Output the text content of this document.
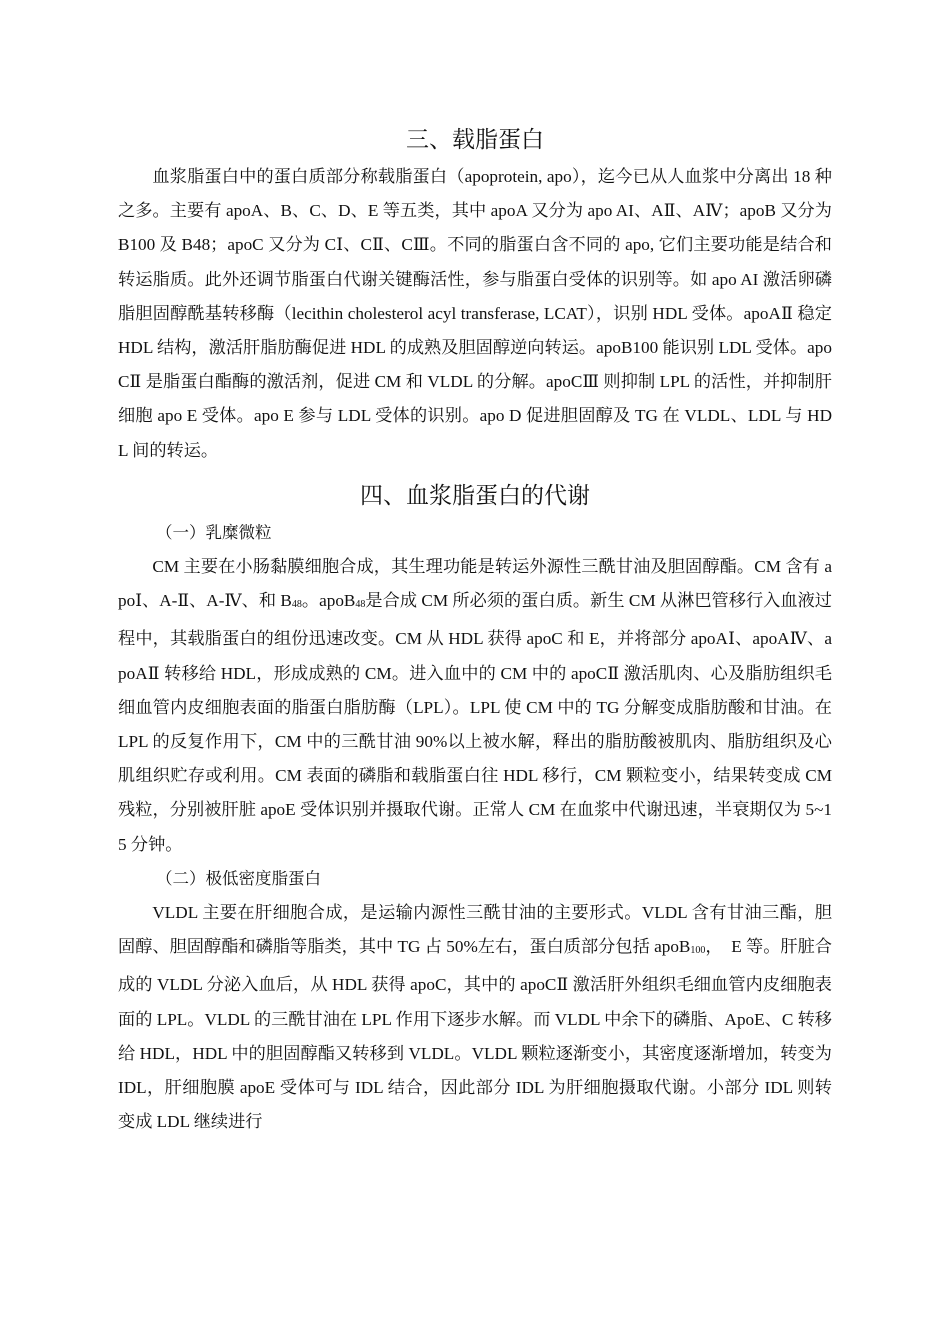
三、载脂蛋白

血浆脂蛋白中的蛋白质部分称载脂蛋白（apoprotein, apo），迄今已从人血浆中分离出 18 种之多。主要有 apoA、B、C、D、E 等五类，其中 apoA 又分为 apo AI、AⅡ、AⅣ；apoB 又分为B100 及 B48；apoC 又分为 CⅠ、CⅡ、CⅢ。不同的脂蛋白含不同的 apo, 它们主要功能是结合和转运脂质。此外还调节脂蛋白代谢关键酶活性，参与脂蛋白受体的识别等。如 apo AI 激活卵磷脂胆固醇酰基转移酶（lecithin cholesterol acyl transferase, LCAT），识别 HDL 受体。apoAⅡ 稳定 HDL 结构，激活肝脂肪酶促进 HDL 的成熟及胆固醇逆向转运。apoB100 能识别 LDL 受体。apoCⅡ 是脂蛋白酯酶的激活剂，促进 CM 和 VLDL 的分解。apoCⅢ 则抑制 LPL 的活性，并抑制肝细胞 apo E 受体。apo E 参与 LDL 受体的识别。apo D 促进胆固醇及 TG 在 VLDL、LDL 与 HDL 间的转运。

四、血浆脂蛋白的代谢

（一）乳糜微粒

CM 主要在小肠黏膜细胞合成，其生理功能是转运外源性三酰甘油及胆固醇酯。CM 含有 apoⅠ、A-Ⅱ、A-Ⅳ、和 $B_{48}$。apoB$_{48}$是合成 CM 所必须的蛋白质。新生 CM 从淋巴管移行入血液过程中，其载脂蛋白的组份迅速改变。CM 从 HDL 获得 apoC 和 E，并将部分 apoAⅠ、apoAⅣ、apoAⅡ 转移给 HDL，形成成熟的 CM。进入血中的 CM 中的 apoCⅡ 激活肌肉、心及脂肪组织毛细血管内皮细胞表面的脂蛋白脂肪酶（LPL）。LPL 使 CM 中的 TG 分解变成脂肪酸和甘油。在 LPL 的反复作用下，CM 中的三酰甘油 90%以上被水解，释出的脂肪酸被肌肉、脂肪组织及心肌组织贮存或利用。CM 表面的磷脂和载脂蛋白往 HDL 移行，CM 颗粒变小，结果转变成 CM 残粒，分别被肝脏 apoE 受体识别并摄取代谢。正常人 CM 在血浆中代谢迅速，半衰期仅为 5~15 分钟。

（二）极低密度脂蛋白

VLDL 主要在肝细胞合成，是运输内源性三酰甘油的主要形式。VLDL 含有甘油三酯，胆固醇、胆固醇酯和磷脂等脂类，其中 TG 占 50%左右，蛋白质部分包括 apoB$_{100}$，　E 等。肝脏合成的 VLDL 分泌入血后，从 HDL 获得 apoC，其中的 apoCⅡ 激活肝外组织毛细血管内皮细胞表面的 LPL。VLDL 的三酰甘油在 LPL 作用下逐步水解。而 VLDL 中余下的磷脂、ApoE、C 转移给 HDL，HDL 中的胆固醇酯又转移到 VLDL。VLDL 颗粒逐渐变小，其密度逐渐增加，转变为 IDL，肝细胞膜 apoE 受体可与 IDL 结合，因此部分 IDL 为肝细胞摄取代谢。小部分 IDL 则转变成 LDL 继续进行
